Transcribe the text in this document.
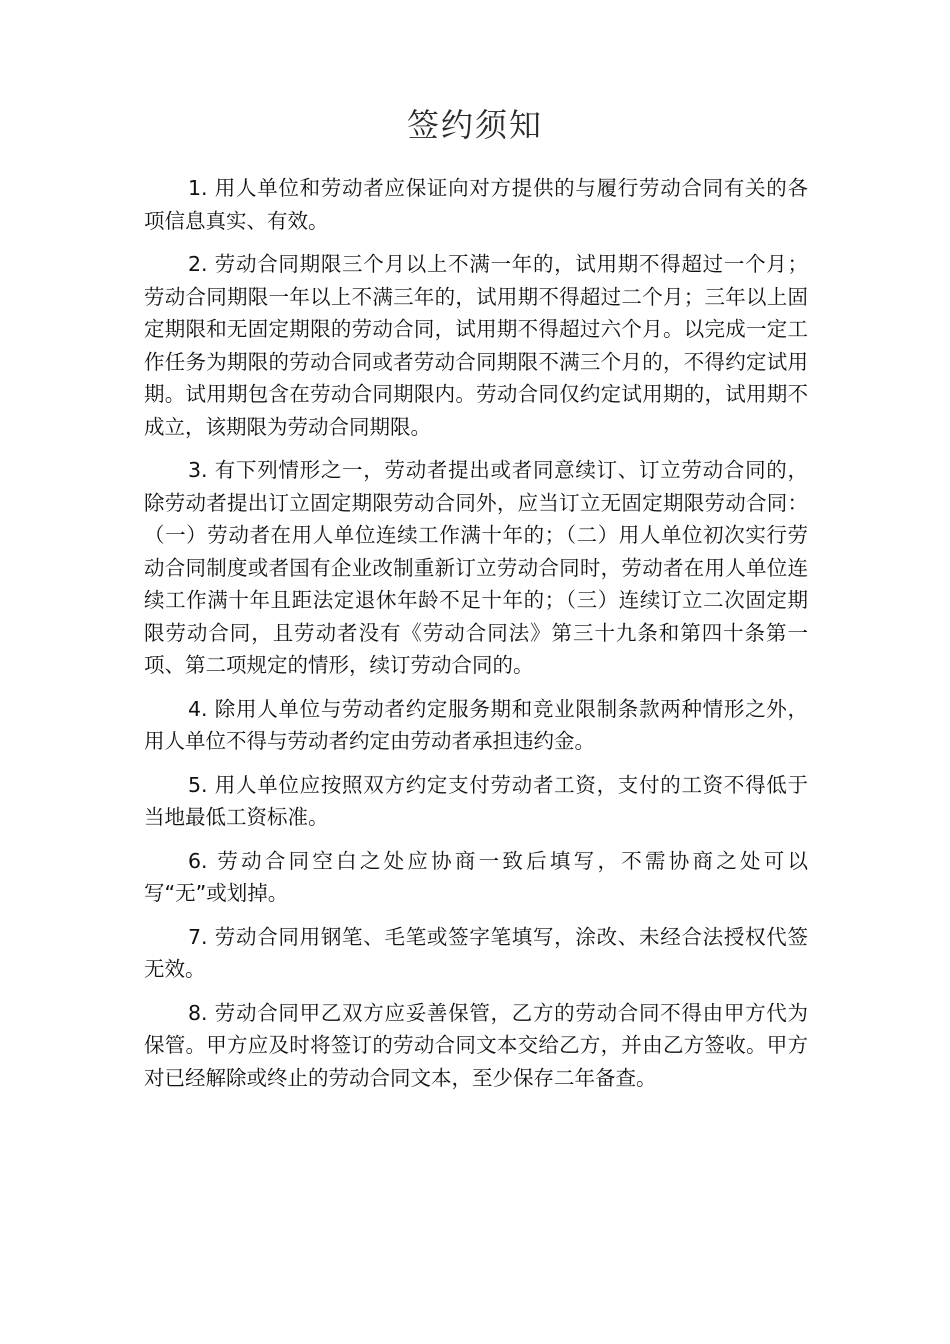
签约须知

1. 用人单位和劳动者应保证向对方提供的与履行劳动合同有关的各项信息真实、有效。

2. 劳动合同期限三个月以上不满一年的，试用期不得超过一个月；劳动合同期限一年以上不满三年的，试用期不得超过二个月；三年以上固定期限和无固定期限的劳动合同，试用期不得超过六个月。以完成一定工作任务为期限的劳动合同或者劳动合同期限不满三个月的，不得约定试用期。试用期包含在劳动合同期限内。劳动合同仅约定试用期的，试用期不成立，该期限为劳动合同期限。

3. 有下列情形之一，劳动者提出或者同意续订、订立劳动合同的，除劳动者提出订立固定期限劳动合同外，应当订立无固定期限劳动合同：（一）劳动者在用人单位连续工作满十年的；（二）用人单位初次实行劳动合同制度或者国有企业改制重新订立劳动合同时，劳动者在用人单位连续工作满十年且距法定退休年龄不足十年的；（三）连续订立二次固定期限劳动合同，且劳动者没有《劳动合同法》第三十九条和第四十条第一项、第二项规定的情形，续订劳动合同的。

4. 除用人单位与劳动者约定服务期和竞业限制条款两种情形之外，用人单位不得与劳动者约定由劳动者承担违约金。

5. 用人单位应按照双方约定支付劳动者工资，支付的工资不得低于当地最低工资标准。

6. 劳动合同空白之处应协商一致后填写，不需协商之处可以写“无”或划掉。

7. 劳动合同用钢笔、毛笔或签字笔填写，涂改、未经合法授权代签无效。

8. 劳动合同甲乙双方应妥善保管，乙方的劳动合同不得由甲方代为保管。甲方应及时将签订的劳动合同文本交给乙方，并由乙方签收。甲方对已经解除或终止的劳动合同文本，至少保存二年备查。
